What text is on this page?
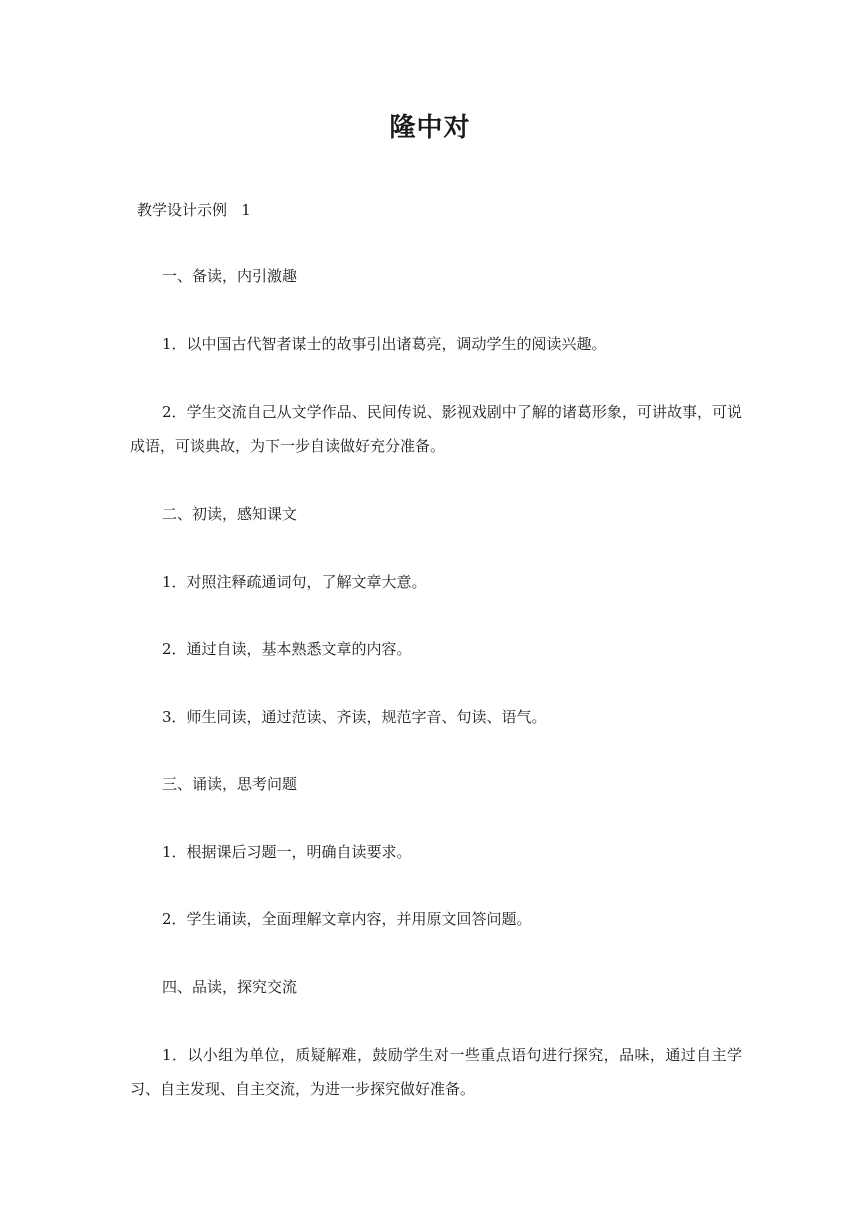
隆中对
教学设计示例   1
一、备读，内引激趣
1．以中国古代智者谋士的故事引出诸葛亮，调动学生的阅读兴趣。
2．学生交流自己从文学作品、民间传说、影视戏剧中了解的诸葛形象，可讲故事，可说成语，可谈典故，为下一步自读做好充分准备。
二、初读，感知课文
1．对照注释疏通词句，了解文章大意。
2．通过自读，基本熟悉文章的内容。
3．师生同读，通过范读、齐读，规范字音、句读、语气。
三、诵读，思考问题
1．根据课后习题一，明确自读要求。
2．学生诵读，全面理解文章内容，并用原文回答问题。
四、品读，探究交流
1．以小组为单位，质疑解难，鼓励学生对一些重点语句进行探究，品味，通过自主学习、自主发现、自主交流，为进一步探究做好准备。
